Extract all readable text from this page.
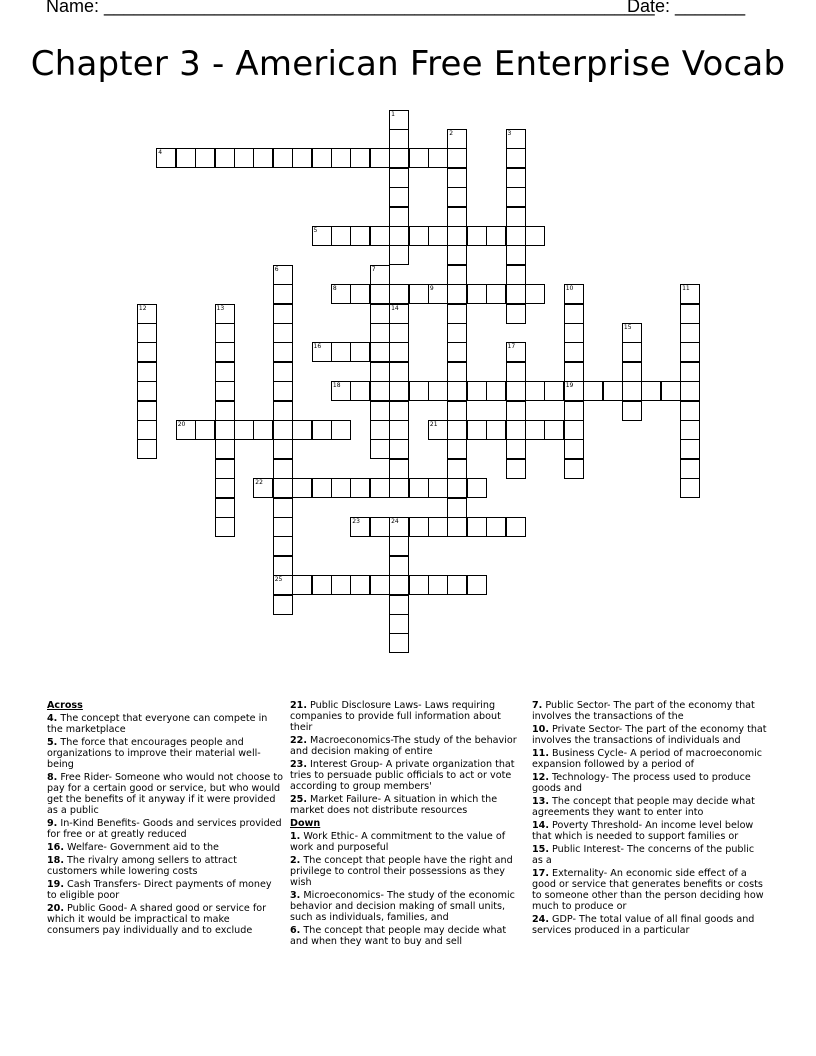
Name: _______________________________________________________
Date: _______
Chapter 3 - American Free Enterprise Vocab
1
2	3
4
5
6
25
7
8	9	10
19
11
12	13	14
15
16	17
18
20	21
22
23	24
Across
4. The concept that everyone can compete in the marketplace
5. The force that encourages people and organizations to improve their material well-being
8. Free Rider- Someone who would not choose to pay for a certain good or service, but who would get the benefits of it anyway if it were provided as a public
9. In-Kind Benefits- Goods and services provided for free or at greatly reduced
16. Welfare- Government aid to the
18. The rivalry among sellers to attract customers while lowering costs
19. Cash Transfers- Direct payments of money to eligible poor
20. Public Good- A shared good or service for which it would be impractical to make consumers pay individually and to exclude
21. Public Disclosure Laws- Laws requiring companies to provide full information about their
22. Macroeconomics-The study of the behavior and decision making of entire
23. Interest Group- A private organization that tries to persuade public officials to act or vote according to group members'
25. Market Failure- A situation in which the market does not distribute resources
Down
1. Work Ethic- A commitment to the value of work and purposeful
2. The concept that people have the right and privilege to control their possessions as they wish
3. Microeconomics- The study of the economic behavior and decision making of small units, such as individuals, families, and
6. The concept that people may decide what and when they want to buy and sell
7. Public Sector- The part of the economy that involves the transactions of the
10. Private Sector- The part of the economy that involves the transactions of individuals and
11. Business Cycle- A period of macroeconomic expansion followed by a period of
12. Technology- The process used to produce goods and
13. The concept that people may decide what agreements they want to enter into
14. Poverty Threshold- An income level below that which is needed to support families or
15. Public Interest- The concerns of the public as a
17. Externality- An economic side effect of a good or service that generates benefits or costs to someone other than the person deciding how much to produce or
24. GDP- The total value of all final goods and services produced in a particular
